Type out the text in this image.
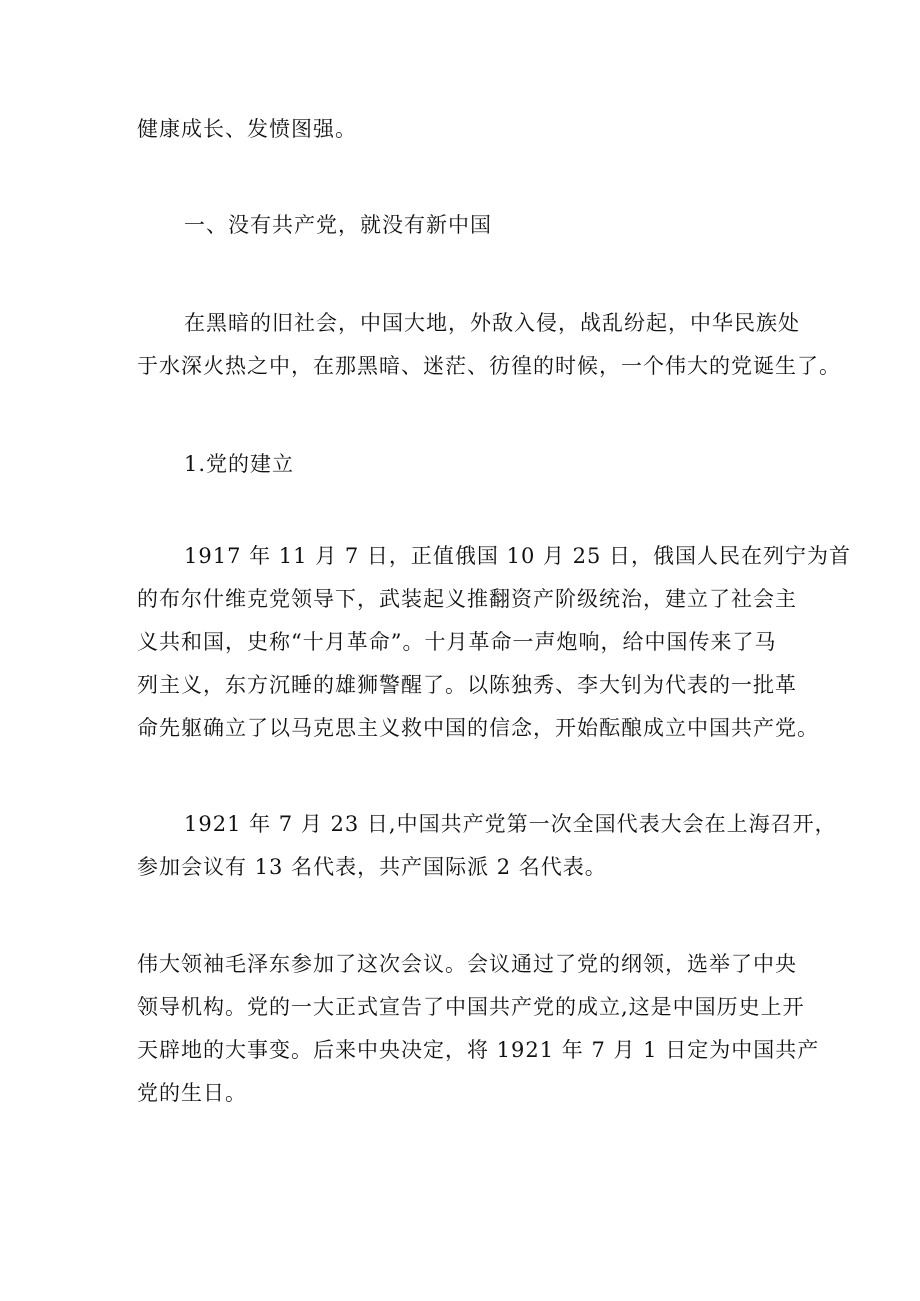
健康成长、发愤图强。

一、没有共产党，就没有新中国

在黑暗的旧社会，中国大地，外敌入侵，战乱纷起，中华民族处
于水深火热之中，在那黑暗、迷茫、彷徨的时候，一个伟大的党诞生了。

1.党的建立

1917 年 11 月 7 日，正值俄国 10 月 25 日，俄国人民在列宁为首
的布尔什维克党领导下，武装起义推翻资产阶级统治，建立了社会主
义共和国，史称“十月革命”。十月革命一声炮响，给中国传来了马
列主义，东方沉睡的雄狮警醒了。以陈独秀、李大钊为代表的一批革
命先躯确立了以马克思主义救中国的信念，开始酝酿成立中国共产党。

1921 年 7 月 23 日,中国共产党第一次全国代表大会在上海召开，
参加会议有 13 名代表，共产国际派 2 名代表。

伟大领袖毛泽东参加了这次会议。会议通过了党的纲领，选举了中央
领导机构。党的一大正式宣告了中国共产党的成立,这是中国历史上开
天辟地的大事变。后来中央决定，将 1921 年 7 月 1 日定为中国共产
党的生日。
